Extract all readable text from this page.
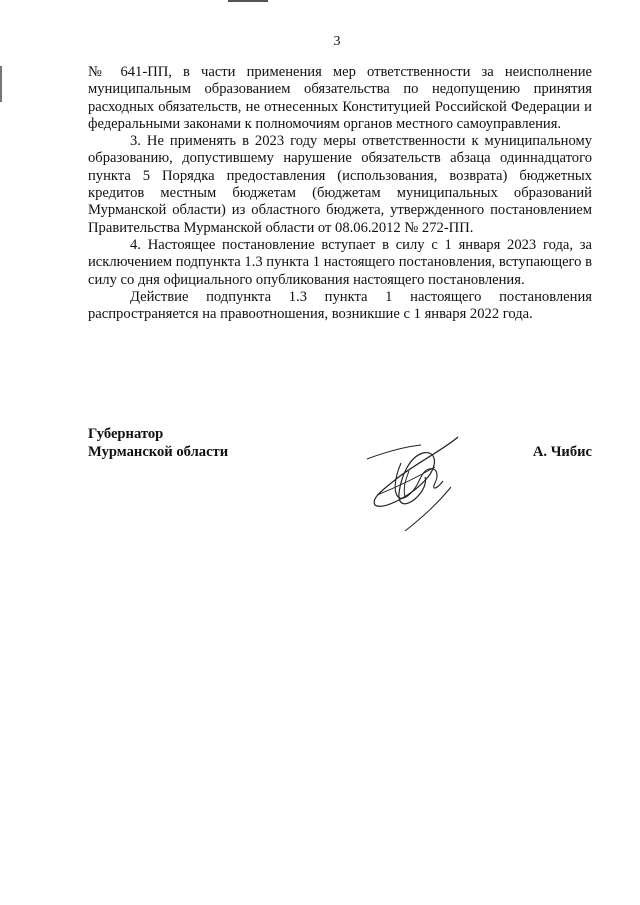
3

№ 641-ПП, в части применения мер ответственности за неисполнение муниципальным образованием обязательства по недопущению принятия расходных обязательств, не отнесенных Конституцией Российской Федерации и федеральными законами к полномочиям органов местного самоуправления.

3. Не применять в 2023 году меры ответственности к муниципальному образованию, допустившему нарушение обязательств абзаца одиннадцатого пункта 5 Порядка предоставления (использования, возврата) бюджетных кредитов местным бюджетам (бюджетам муниципальных образований Мурманской области) из областного бюджета, утвержденного постановлением Правительства Мурманской области от 08.06.2012 № 272-ПП.

4. Настоящее постановление вступает в силу с 1 января 2023 года, за исключением подпункта 1.3 пункта 1 настоящего постановления, вступающего в силу со дня официального опубликования настоящего постановления.

Действие подпункта 1.3 пункта 1 настоящего постановления распространяется на правоотношения, возникшие с 1 января 2022 года.

Губернатор
Мурманской области	А. Чибис
